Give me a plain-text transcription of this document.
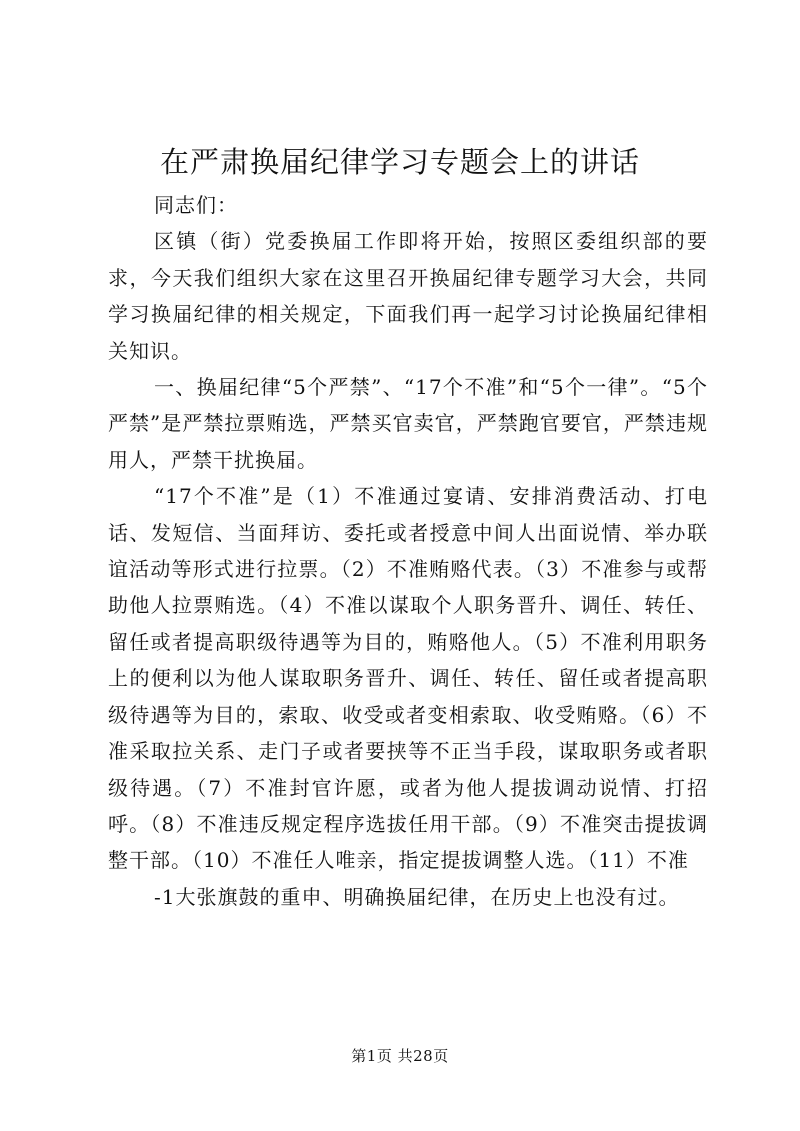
在严肃换届纪律学习专题会上的讲话

同志们：

区镇（街）党委换届工作即将开始，按照区委组织部的要求，今天我们组织大家在这里召开换届纪律专题学习大会，共同学习换届纪律的相关规定，下面我们再一起学习讨论换届纪律相关知识。

一、换届纪律“5个严禁”、“17个不准”和“5个一律”。“5个严禁”是严禁拉票贿选，严禁买官卖官，严禁跑官要官，严禁违规用人，严禁干扰换届。

“17个不准”是（1）不准通过宴请、安排消费活动、打电话、发短信、当面拜访、委托或者授意中间人出面说情、举办联谊活动等形式进行拉票。（2）不准贿赂代表。（3）不准参与或帮助他人拉票贿选。（4）不准以谋取个人职务晋升、调任、转任、留任或者提高职级待遇等为目的，贿赂他人。（5）不准利用职务上的便利以为他人谋取职务晋升、调任、转任、留任或者提高职级待遇等为目的，索取、收受或者变相索取、收受贿赂。（6）不准采取拉关系、走门子或者要挟等不正当手段，谋取职务或者职级待遇。（7）不准封官许愿，或者为他人提拔调动说情、打招呼。（8）不准违反规定程序选拔任用干部。（9）不准突击提拔调整干部。（10）不准任人唯亲，指定提拔调整人选。（11）不准

-1大张旗鼓的重申、明确换届纪律，在历史上也没有过。

第1页 共28页
